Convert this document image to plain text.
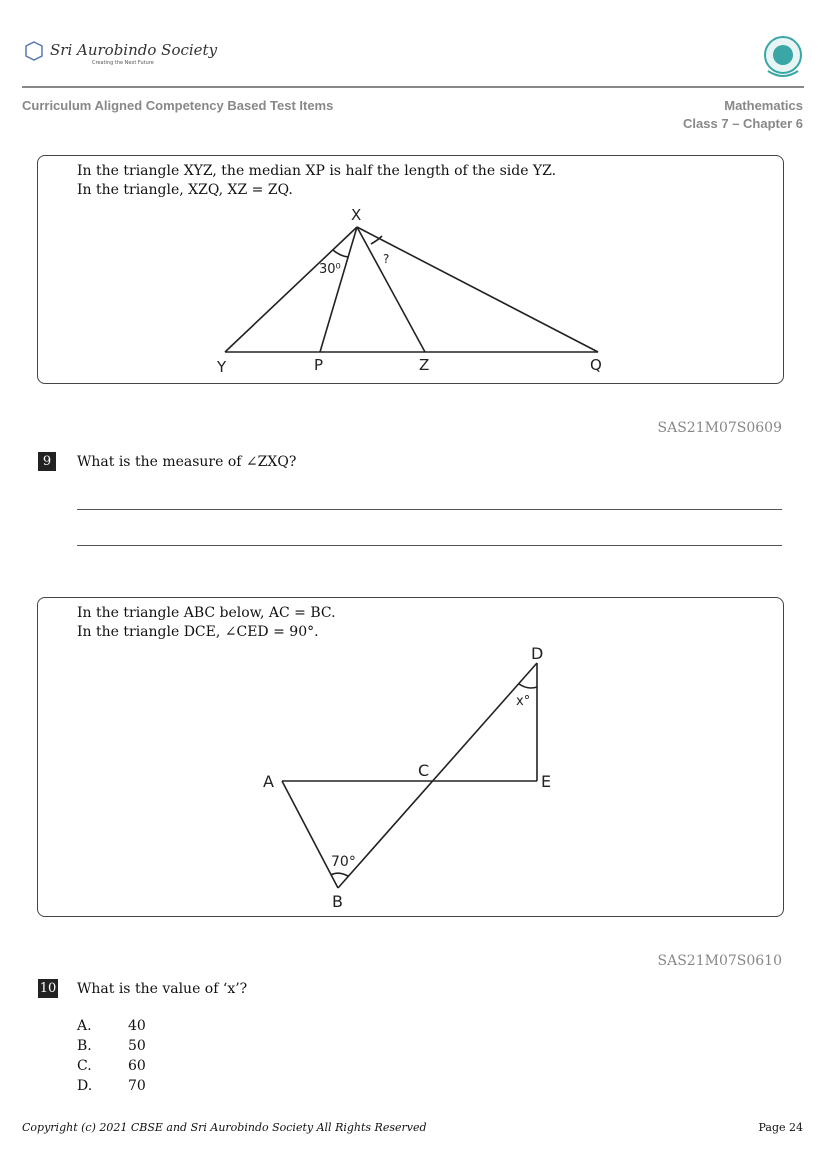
Sri Aurobindo Society
Creating the Next Future
Curriculum Aligned Competency Based Test Items	Mathematics
Class 7 – Chapter 6
In the triangle XYZ, the median XP is half the length of the side YZ.
In the triangle, XZQ, XZ = ZQ.
X
Y	P	Z	Q
30⁰
?
SAS21M07S0609
9	What is the measure of ∠ZXQ?
In the triangle ABC below, AC = BC.
In the triangle DCE, ∠CED = 90°.
D
E
A
C
B
70°
x°
SAS21M07S0610
10 What is the value of ‘x’?
A.	40
B.	50
C.	60
D.	70
Copyright (c) 2021 CBSE and Sri Aurobindo Society All Rights Reserved	Page 24
